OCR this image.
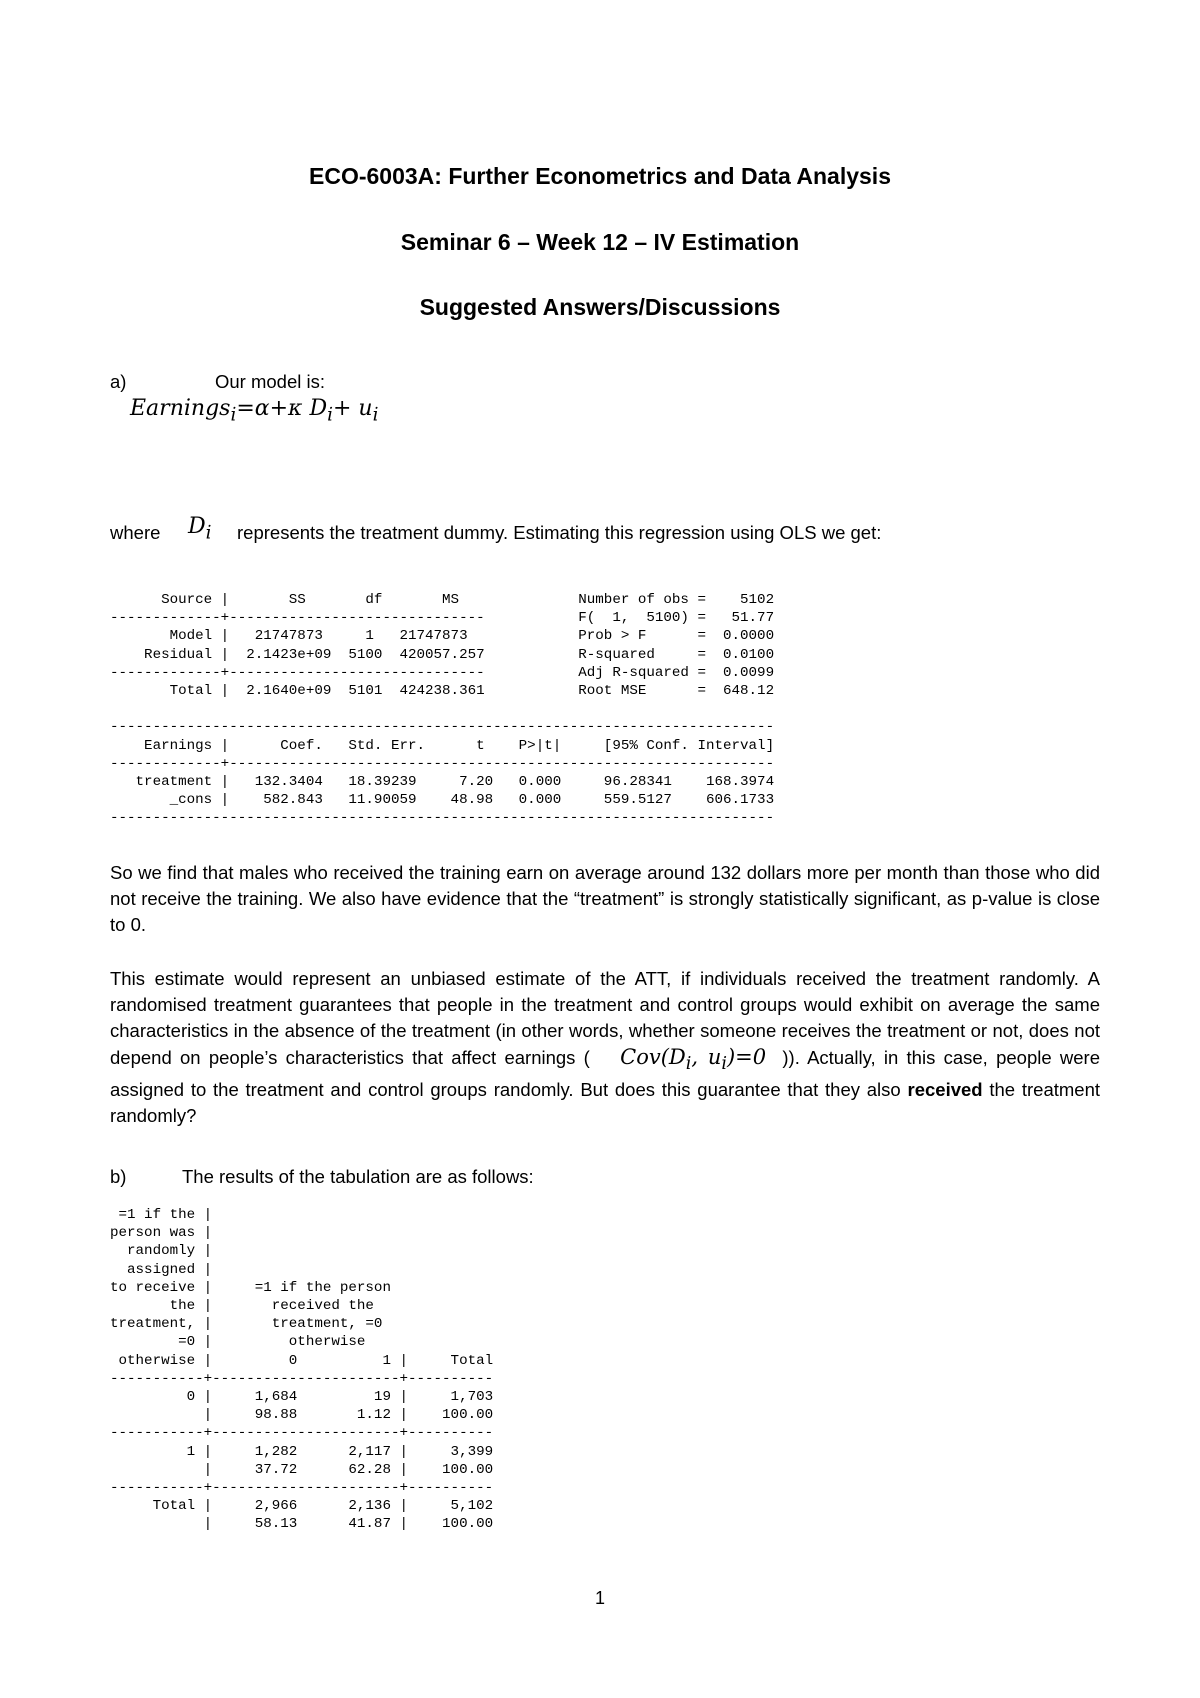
ECO-6003A: Further Econometrics and Data Analysis
Seminar 6 – Week 12 – IV Estimation
Suggested Answers/Discussions
a)	Our model is:
Earnings$_i$=α+κ $D_i+ u_i$
where $D_i$ represents the treatment dummy. Estimating this regression using OLS we get:
Source |       SS       df       MS              Number of obs =    5102
-------------+------------------------------           F(  1,  5100) =   51.77
Model |   21747873     1   21747873             Prob > F      =  0.0000
Residual |  2.1423e+09  5100  420057.257           R-squared     =  0.0100
-------------+------------------------------           Adj R-squared =  0.0099
Total |  2.1640e+09  5101  424238.361           Root MSE      =  648.12

------------------------------------------------------------------------------
Earnings |      Coef.   Std. Err.      t    P>|t|     [95% Conf. Interval]
-------------+----------------------------------------------------------------
treatment |   132.3404   18.39239     7.20   0.000     96.28341    168.3974
_cons |    582.843   11.90059    48.98   0.000     559.5127    606.1733
------------------------------------------------------------------------------

So we find that males who received the training earn on average around 132 dollars more per month than those who did not receive the training. We also have evidence that the “treatment” is strongly statistically significant, as p-value is close to 0.

This estimate would represent an unbiased estimate of the ATT, if individuals received the treatment randomly. A randomised treatment guarantees that people in the treatment and control groups would exhibit on average the same characteristics in the absence of the treatment (in other words, whether someone receives the treatment or not, does not depend on people’s characteristics that affect earnings ( $Cov(D_i$, $u_i)=0$ )). Actually, in this case, people were assigned to the treatment and control groups randomly. But does this guarantee that they also received the treatment randomly?
b)	The results of the tabulation are as follows:
=1 if the |
person was |
randomly |
assigned |
to receive |     =1 if the person
the |       received the
treatment, |       treatment, =0
=0 |         otherwise
otherwise |         0          1 |     Total
-----------+----------------------+----------
0 |     1,684         19 |     1,703
|     98.88       1.12 |    100.00
-----------+----------------------+----------
1 |     1,282      2,117 |     3,399
|     37.72      62.28 |    100.00
-----------+----------------------+----------
Total |     2,966      2,136 |     5,102
|     58.13      41.87 |    100.00
1
